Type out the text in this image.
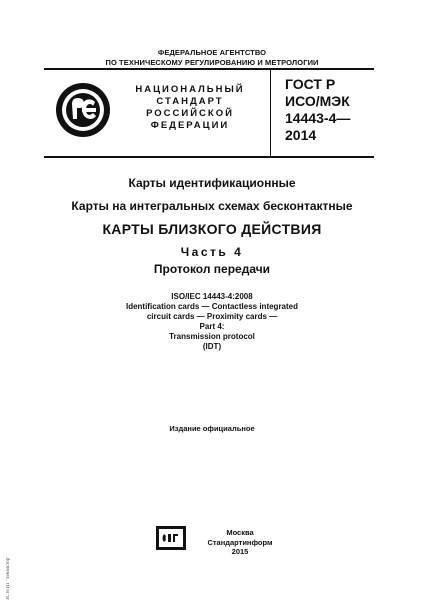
ФЕДЕРАЛЬНОЕ АГЕНТСТВО
ПО ТЕХНИЧЕСКОМУ РЕГУЛИРОВАНИЮ И МЕТРОЛОГИИ
НАЦИОНАЛЬНЫЙ
СТАНДАРТ
РОССИЙСКОЙ
ФЕДЕРАЦИИ
ГОСТ Р
ИСО/МЭК
14443-4—
2014
Карты идентификационные
Карты на интегральных схемах бесконтактные
КАРТЫ БЛИЗКОГО ДЕЙСТВИЯ
Часть 4
Протокол передачи
ISO/IEC 14443-4:2008
Identification cards — Contactless integrated
circuit cards — Proximity cards —
Part 4:
Transmission protocol
(IDT)
Издание официальное
Москва
Стандартинформ
2015
ЗС НТП "Тензистор"
